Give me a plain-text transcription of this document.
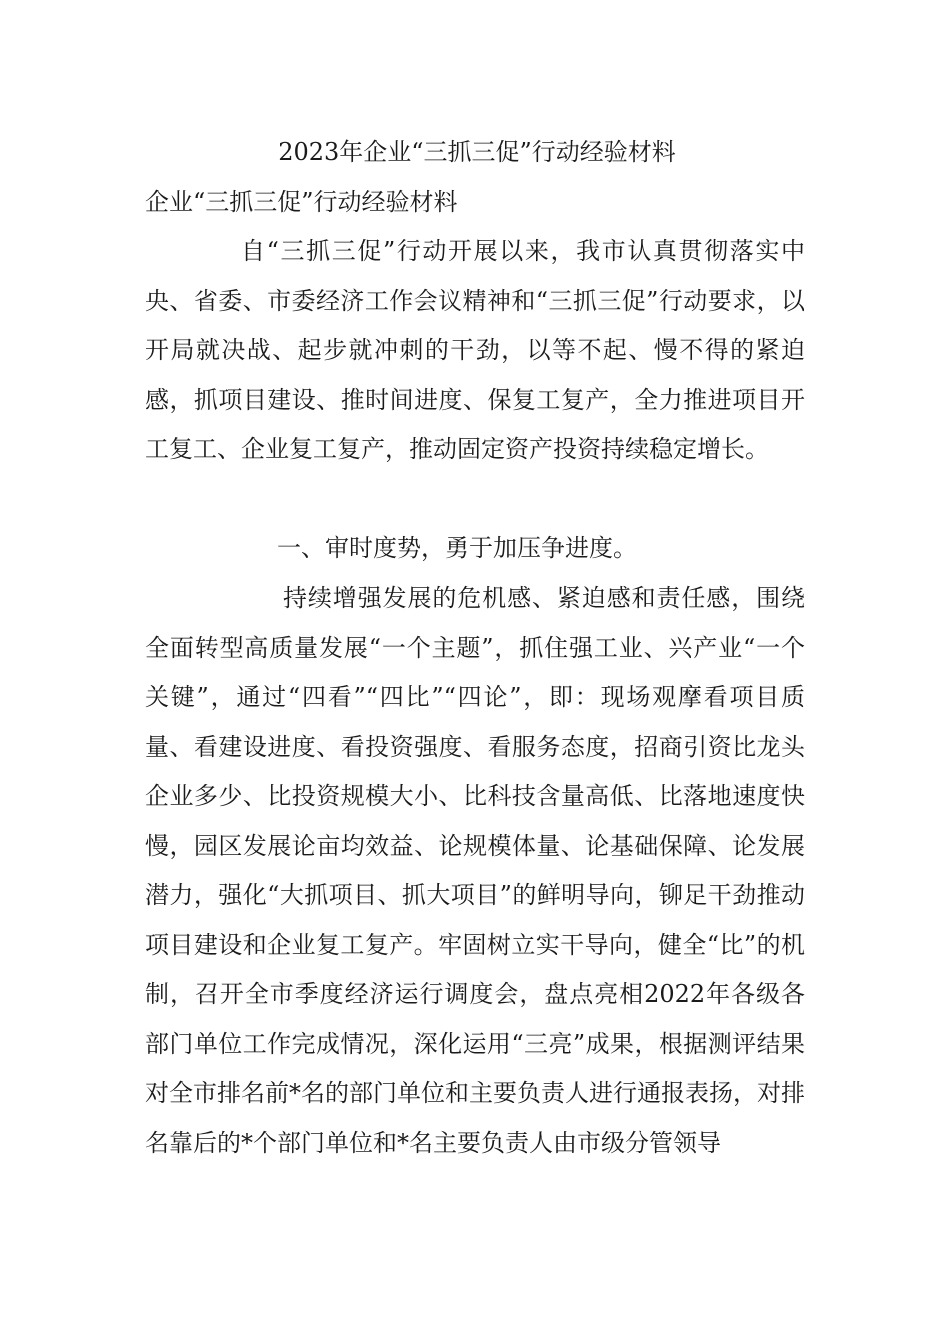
2023年企业“三抓三促”行动经验材料
企业“三抓三促”行动经验材料

自“三抓三促”行动开展以来，我市认真贯彻落实中央、省委、市委经济工作会议精神和“三抓三促”行动要求，以开局就决战、起步就冲刺的干劲，以等不起、慢不得的紧迫感，抓项目建设、推时间进度、保复工复产，全力推进项目开工复工、企业复工复产，推动固定资产投资持续稳定增长。

一、审时度势，勇于加压争进度。

持续增强发展的危机感、紧迫感和责任感，围绕全面转型高质量发展“一个主题”，抓住强工业、兴产业“一个关键”，通过“四看”“四比”“四论”，即：现场观摩看项目质量、看建设进度、看投资强度、看服务态度，招商引资比龙头企业多少、比投资规模大小、比科技含量高低、比落地速度快慢，园区发展论亩均效益、论规模体量、论基础保障、论发展潜力，强化“大抓项目、抓大项目”的鲜明导向，铆足干劲推动项目建设和企业复工复产。牢固树立实干导向，健全“比”的机制，召开全市季度经济运行调度会，盘点亮相2022年各级各部门单位工作完成情况，深化运用“三亮”成果，根据测评结果对全市排名前*名的部门单位和主要负责人进行通报表扬，对排名靠后的*个部门单位和*名主要负责人由市级分管领导
